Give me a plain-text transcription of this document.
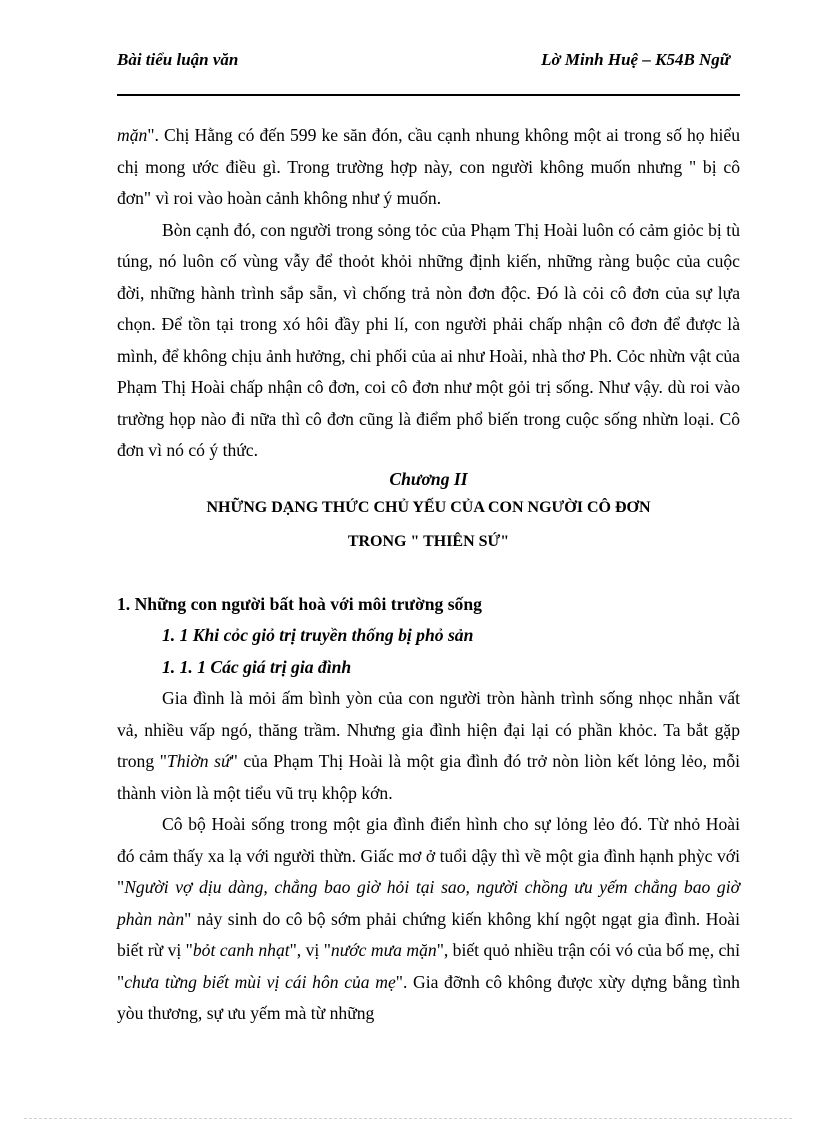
Bài tiểu luận văn	Lờ Minh Huệ – K54B Ngữ

mặn". Chị Hằng có đến 599 ke săn đón, cầu cạnh nhung không một ai trong số họ hiểu chị mong ước điều gì. Trong trường hợp này, con người không muốn nhưng " bị cô đơn" vì roi vào hoàn cảnh không như ý muốn.

Bòn cạnh đó, con người trong sỏng tỏc của Phạm Thị Hoài luôn có cảm giỏc bị tù túng, nó luôn cố vùng vẫy để thoỏt khỏi những định kiến, những ràng buộc của cuộc đời, những hành trình sắp sẵn, vì chống trả nòn đơn độc. Đó là cỏi cô đơn của sự lựa chọn. Để tồn tại trong xó hôi đầy phi lí, con người phải chấp nhận cô đơn để được là mình, để không chịu ảnh hưởng, chi phối của ai như Hoài, nhà thơ Ph. Cỏc nhừn vật của Phạm Thị Hoài chấp nhận cô đơn, coi cô đơn như một gỏi trị sống. Như vậy. dù roi vào trường họp nào đi nữa thì cô đơn cũng là điểm phổ biến trong cuộc sống nhừn loại. Cô đơn vì nó có ý thức.

Chương II

NHỮNG DẠNG THỨC CHỦ YẾU CỦA CON NGƯỜI CÔ ĐƠN

TRONG " THIÊN SỨ"

1. Những con người bất hoà với môi trường sống

1. 1 Khi cỏc giỏ trị truyền thống bị phỏ sản

1. 1. 1 Các giá trị gia đình

Gia đình là mỏi ấm bình yòn của con người tròn hành trình sống nhọc nhằn vất vả, nhiều vấp ngó, thăng trầm. Nhưng gia đình hiện đại lại có phần khỏc. Ta bắt gặp trong "Thiờn sứ" của Phạm Thị Hoài là một gia đình đó trở nòn liòn kết lỏng lẻo, mỗi thành viòn là một tiểu vũ trụ khộp kớn.

Cô bộ Hoài sống trong một gia đình điển hình cho sự lỏng lẻo đó. Từ nhỏ Hoài đó cảm thấy xa lạ với người thừn. Giấc mơ ở tuổi dậy thì về một gia đình hạnh phỳc với "Người vợ dịu dàng, chẳng bao giờ hỏi tại sao, người chồng ưu yếm chẳng bao giờ phàn nàn" nảy sinh do cô bộ sớm phải chứng kiến không khí ngột ngạt gia đình. Hoài biết rừ vị "bỏt canh nhạt", vị "nước mưa mặn", biết quỏ nhiều trận cói vó của bố mẹ, chỉ "chưa từng biết mùi vị cái hôn của mẹ". Gia đỡnh cô không được xừy dựng bằng tình yòu thương, sự ưu yếm mà từ những
